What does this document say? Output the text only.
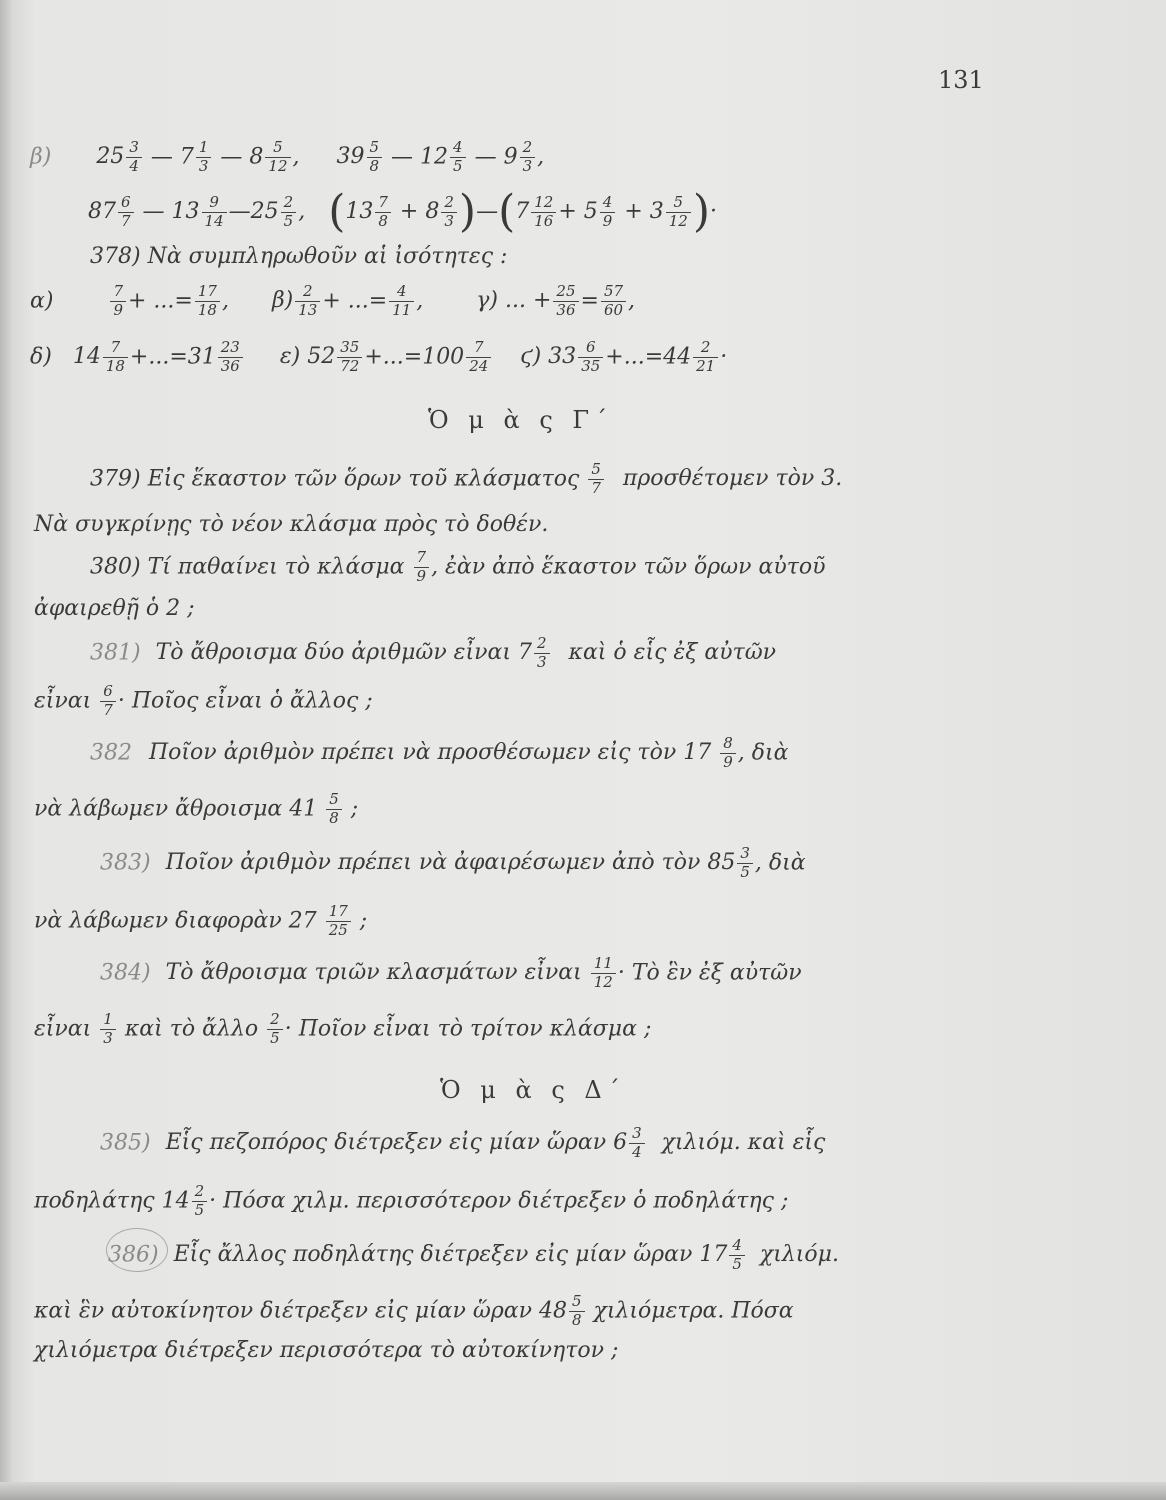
131
β) $25 \frac{3}{4}$ — $7 \frac{1}{3}$ — $8 \frac{5}{12}$ , $39 \frac{5}{8}$ — $12 \frac{4}{5}$ — $9 \frac{2}{3}$ ,
$87 \frac{6}{7}$ — $13 \frac{9}{14}$ —25 $\frac{2}{5}$ , ($13 \frac{7}{8} + 8 \frac{2}{3}$ )—(7 $\frac{12}{16} + 5 \frac{4}{9} + 3 \frac{5}{12}$ )·
378) Νὰ συμπληρωθοῦν αἱ ἰσότητες :
α)	$\frac{7}{9}$ + ...= $\frac{17}{18}$ , $\beta) \frac{2}{13}$ + ...= $\frac{4}{11}$ , γ) ... + $\frac{25}{36} = \frac{57}{60}$ ,
δ) $14 \frac{7}{18} +...=31 \frac{23}{36} \varepsilon$) $52 \frac{35}{72} +...=100 \frac{7}{24} ϛ$) $33 \frac{6}{35} +...=44 \frac{2}{21}$ ·
Ὁ μ ὰ ς Γ΄
379) Εἰς ἕκαστον τῶν ὅρων τοῦ κλάσματος $\frac{5}{7}$ προσθέτομεν τὸν 3.
Νὰ συγκρίνῃς τὸ νέον κλάσμα πρὸς τὸ δοθέν.
380) Τί παθαίνει τὸ κλάσμα $\frac{7}{9}$ , ἐὰν ἀπὸ ἕκαστον τῶν ὅρων αὐτοῦ
ἀφαιρεθῇ ὁ 2 ;
381) Τὸ ἄθροισμα δύο ἀριθμῶν εἶναι $7 \frac{2}{3}$ καὶ ὁ εἷς ἐξ αὐτῶν
εἶναι $\frac{6}{7}$ · Ποῖος εἶναι ὁ ἄλλος ;
382 Ποῖον ἀριθμὸν πρέπει νὰ προσθέσωμεν εἰς τὸν $17 \frac{8}{9}$ , διὰ
νὰ λάβωμεν ἄθροισμα $41 \frac{5}{8}$ ;
383) Ποῖον ἀριθμὸν πρέπει νὰ ἀφαιρέσωμεν ἀπὸ τὸν $85 \frac{3}{5}$ , διὰ
νὰ λάβωμεν διαφορὰν $27 \frac{17}{25}$ ;
384) Τὸ ἄθροισμα τριῶν κλασμάτων εἶναι $\frac{11}{12}$ · Τὸ ἓν ἐξ αὐτῶν
εἶναι $\frac{1}{3}$ καὶ τὸ ἄλλο $\frac{2}{5}$ · Ποῖον εἶναι τὸ τρίτον κλάσμα ;
Ὁ μ ὰ ς Δ΄
385) Εἷς πεζοπόρος διέτρεξεν εἰς μίαν ὥραν $6 \frac{3}{4} \chi\iota\lambda\iota ό\mu$. καὶ εἷς
ποδηλάτης $14 \frac{2}{5} \cdot \Pi ό\sigma\alpha$ χιλμ. περισσότερον διέτρεξεν ὁ ποδηλάτης ;
386) Εἷς ἄλλος ποδηλάτης διέτρεξεν εἰς μίαν ὥραν $17 \frac{4}{5} \chi\iota\lambda\iota ό\mu$.
καὶ ἓν αὐτοκίνητον διέτρεξεν εἰς μίαν ὥραν $48 \frac{5}{8} \chi\iota\lambda\iota ό\mu\varepsilon\tau\rho\alpha$. Πόσα
χιλιόμετρα διέτρεξεν περισσότερα τὸ αὐτοκίνητον ;
